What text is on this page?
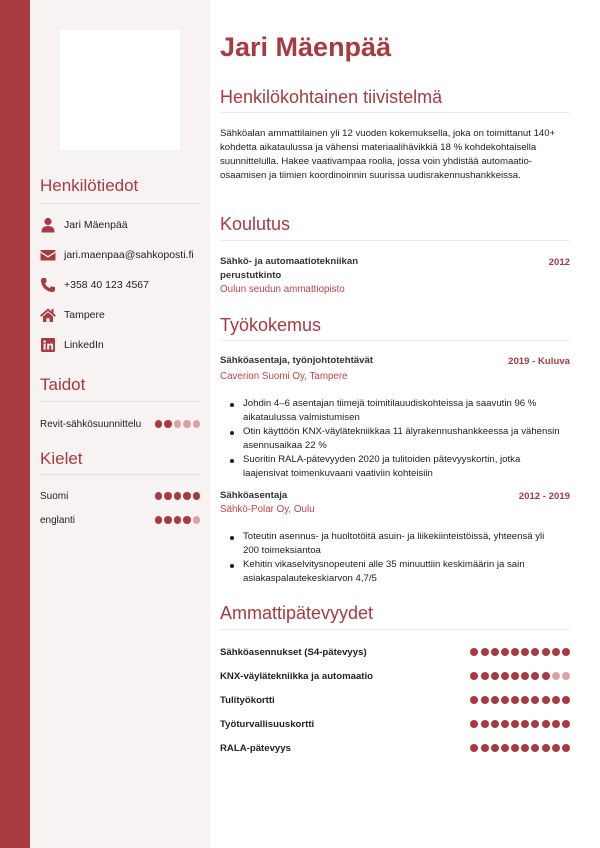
Henkilötiedot
Jari Mäenpää
jari.maenpaa@sahkoposti.fi
+358 40 123 4567
Tampere
LinkedIn
Taidot
Revit-sähkösuunnittelu
Kielet
Suomi
englanti
Jari Mäenpää
Henkilökohtainen tiivistelmä

Sähköalan ammattilainen yli 12 vuoden kokemuksella, joka on toimittanut 140+ kohdetta aikataulussa ja vähensi materiaalihävikkiä 18 % kohdekohtaisella suunnittelulla. Hakee vaativampaa roolia, jossa voin yhdistää automaatio-osaamisen ja tiimien koordinoinnin suurissa uudisrakennushankkeissa.

Koulutus
Sähkö- ja automaatiotekniikan
perustutkinto
2012
Oulun seudun ammattiopisto
Työkokemus
Sähköasentaja, työnjohtotehtävät	2019 - Kuluva
Caverion Suomi Oy, Tampere
Johdin 4–6 asentajan tiimejä toimitilauudiskohteissa ja saavutin 96 % aikataulussa valmistumisen
Otin käyttöön KNX-väylätekniikkaa 11 älyrakennushankkeessa ja vähensin asennusaikaa 22 %
Suoritin RALA-pätevyyden 2020 ja tulitoiden pätevyyskortin, jotka laajensivat toimenkuvaani vaativiin kohteisiin
Sähköasentaja	2012 - 2019
Sähkö-Polar Oy, Oulu
Toteutin asennus- ja huoltotöitä asuin- ja liikekiinteistöissä, yhteensä yli 200 toimeksiantoa
Kehitin vikaselvitysnopeuteni alle 35 minuuttiin keskimäärin ja sain asiakaspalautekeskiarvon 4,7/5
Ammattipätevyydet
Sähköasennukset (S4-pätevyys)
KNX-väylätekniikka ja automaatio
Tulityökortti
Työturvallisuuskortti
RALA-pätevyys
